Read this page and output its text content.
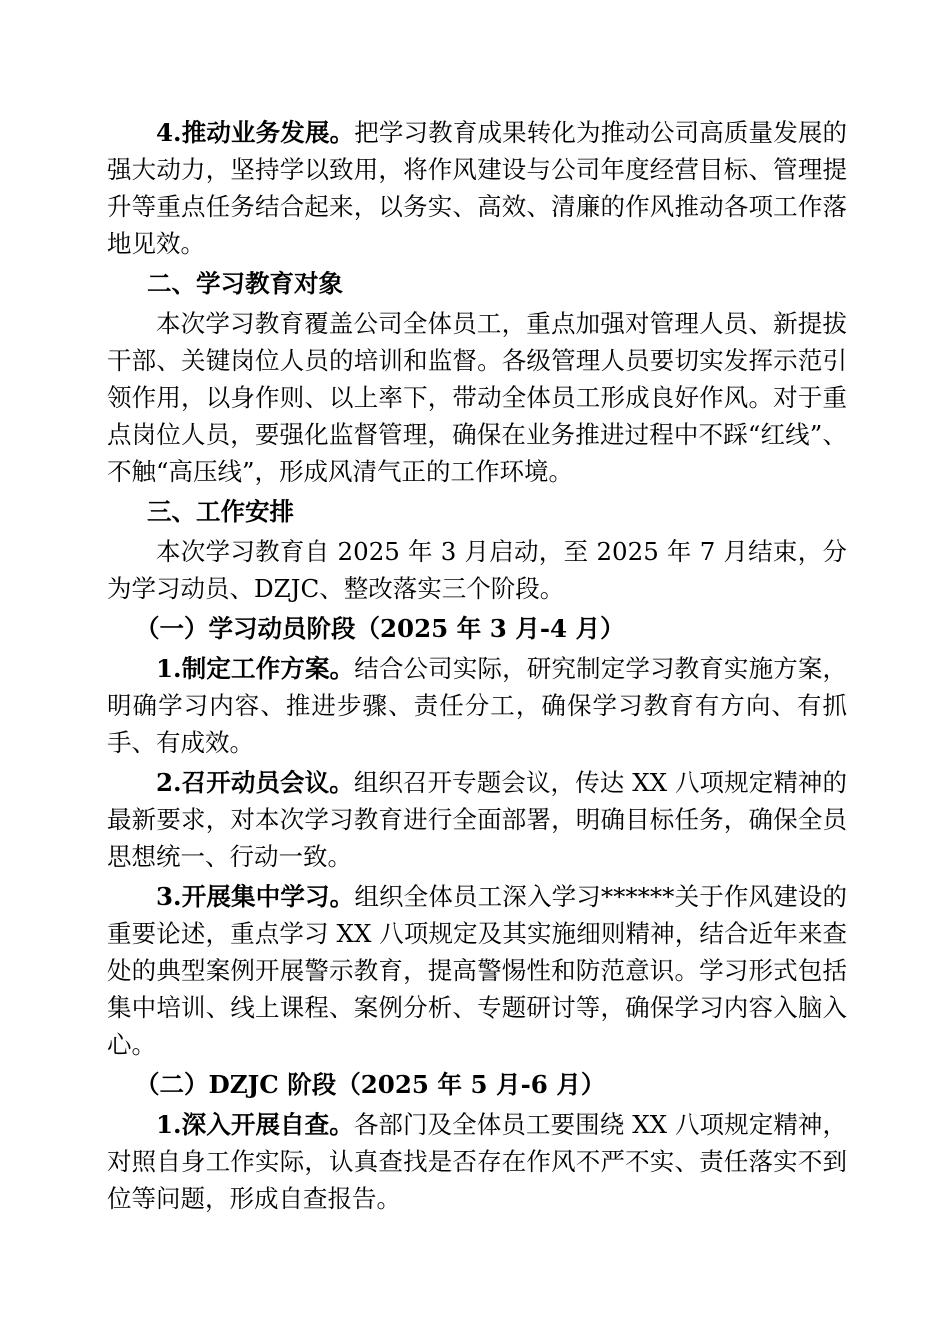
4.推动业务发展。把学习教育成果转化为推动公司高质量发展的强大动力，坚持学以致用，将作风建设与公司年度经营目标、管理提升等重点任务结合起来，以务实、高效、清廉的作风推动各项工作落地见效。

二、学习教育对象

本次学习教育覆盖公司全体员工，重点加强对管理人员、新提拔干部、关键岗位人员的培训和监督。各级管理人员要切实发挥示范引领作用，以身作则、以上率下，带动全体员工形成良好作风。对于重点岗位人员，要强化监督管理，确保在业务推进过程中不踩“红线”、不触“高压线”，形成风清气正的工作环境。

三、工作安排

本次学习教育自 2025 年 3 月启动，至 2025 年 7 月结束，分为学习动员、DZJC、整改落实三个阶段。

（一）学习动员阶段（2025 年 3 月-4 月）

1.制定工作方案。结合公司实际，研究制定学习教育实施方案，明确学习内容、推进步骤、责任分工，确保学习教育有方向、有抓手、有成效。

2.召开动员会议。组织召开专题会议，传达 XX 八项规定精神的最新要求，对本次学习教育进行全面部署，明确目标任务，确保全员思想统一、行动一致。

3.开展集中学习。组织全体员工深入学习******关于作风建设的重要论述，重点学习 XX 八项规定及其实施细则精神，结合近年来查处的典型案例开展警示教育，提高警惕性和防范意识。学习形式包括集中培训、线上课程、案例分析、专题研讨等，确保学习内容入脑入心。

（二）DZJC 阶段（2025 年 5 月-6 月）

1.深入开展自查。各部门及全体员工要围绕 XX 八项规定精神，对照自身工作实际，认真查找是否存在作风不严不实、责任落实不到位等问题，形成自查报告。
